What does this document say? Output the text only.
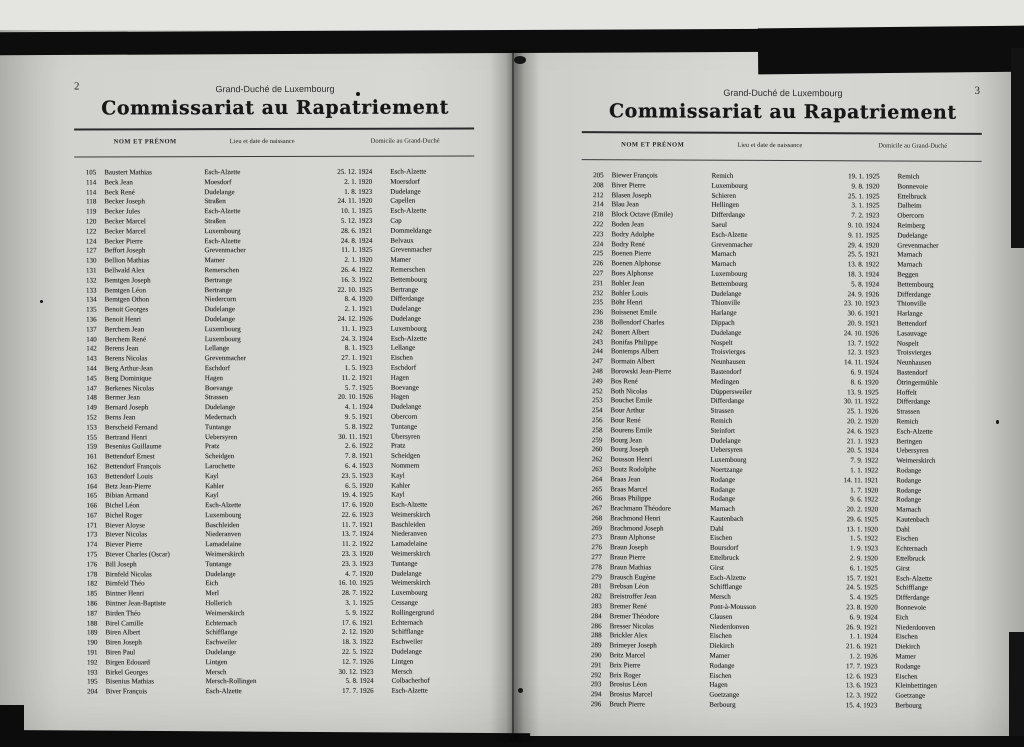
2	Grand-Duché de Luxembourg
Commissariat au Rapatriement
NOM ET PRÉNOM	Lieu et date de naissance	Domicile au Grand-Duché
105	Baustert Mathias	Esch-Alzette	25. 12. 1924	Esch-Alzette
114	Beck Jean	Moesdorf	2. 1. 1920	Moersdorf
114	Beck René	Dudelange	1. 8. 1923	Dudelange
118	Becker Joseph	Straßen	24. 11. 1920	Capellen
119	Becker Jules	Esch-Alzette	10. 1. 1925	Esch-Alzette
120	Becker Marcel	Straßen	5. 12. 1923	Cap
122	Becker Marcel	Luxembourg	28. 6. 1921	Dommeldange
124	Becker Pierre	Esch-Alzette	24. 8. 1924	Belvaux
127	Beffort Joseph	Grevenmacher	11. 1. 1925	Grevenmacher
130	Bellion Mathias	Mamer	2. 1. 1920	Mamer
131	Bellwald Alex	Remerschen	26. 4. 1922	Remerschen
132	Bemtgen Joseph	Bertrange	16. 3. 1922	Bettembourg
133	Bemtgen Léon	Bertrange	22. 10. 1925	Bertrange
134	Bemtgen Othon	Niedercorn	8. 4. 1920	Differdange
135	Benoit Georges	Dudelange	2. 1. 1921	Dudelange
136	Benoit Henri	Dudelange	24. 12. 1926	Dudelange
137	Berchem Jean	Luxembourg	11. 1. 1923	Luxembourg
140	Berchem René	Luxembourg	24. 3. 1924	Esch-Alzette
142	Berens Jean	Lellange	8. 1. 1923	Lellange
143	Berens Nicolas	Grevenmacher	27. 1. 1921	Eischen
144	Berg Arthur-Jean	Eschdorf	1. 5. 1923	Eschdorf
145	Berg Dominique	Hagen	11. 2. 1921	Hagen
147	Berkenes Nicolas	Boevange	5. 7. 1925	Boevange
148	Bermer Jean	Strassen	20. 10. 1926	Hagen
149	Bernard Joseph	Dudelange	4. 1. 1924	Dudelange
152	Berns Jean	Medernach	9. 5. 1921	Obercorn
153	Berscheid Fernand	Tuntange	5. 8. 1922	Tuntange
155	Bertrand Henri	Uebersyren	30. 11. 1921	Übersyren
159	Besenius Guillaume	Pratz	2. 6. 1922	Pratz
161	Bettendorf Ernest	Scheidgen	7. 8. 1921	Scheidgen
162	Bettendorf François	Larochette	6. 4. 1923	Nommern
163	Bettendorf Louis	Kayl	23. 5. 1923	Kayl
164	Betz Jean-Pierre	Kahler	6. 5. 1920	Kahler
165	Bibian Armand	Kayl	19. 4. 1925	Kayl
166	Bichel Léon	Esch-Alzette	17. 6. 1920	Esch-Alzette
167	Bichel Roger	Luxembourg	22. 6. 1923	Weimerskirch
171	Biever Aloyse	Baschleiden	11. 7. 1921	Baschleiden
173	Biever Nicolas	Niederanven	13. 7. 1924	Niederanven
174	Biever Pierre	Lamadelaine	11. 2. 1922	Lamadelaine
175	Biever Charles (Oscar)	Weimerskirch	23. 3. 1920	Weimerskirch
176	Bill Joseph	Tuntange	23. 3. 1923	Tuntange
178	Birnfeld Nicolas	Dudelange	4. 7. 1920	Dudelange
182	Birnfeld Théo	Eich	16. 10. 1925	Weimerskirch
185	Bintner Henri	Merl	28. 7. 1922	Luxembourg
186	Bintner Jean-Baptiste	Hollerich	3. 1. 1925	Cessange
187	Birden Théo	Weimerskirch	5. 9. 1922	Rollingergrund
188	Birel Camille	Echternach	17. 6. 1921	Echternach
189	Biren Albert	Schifflange	2. 12. 1920	Schifflange
190	Biren Joseph	Eschweiler	18. 3. 1922	Eschweiler
191	Biren Paul	Dudelange	22. 5. 1922	Dudelange
192	Birgen Edouard	Lintgen	12. 7. 1926	Lintgen
193	Birkel Georges	Mersch	30. 12. 1923	Mersch
195	Bisenius Mathias	Mersch-Rollingen	5. 8. 1924	Colbacherhof
204	Biver François	Esch-Alzette	17. 7. 1926	Esch-Alzette
3
Grand-Duché de Luxembourg
Commissariat au Rapatriement
NOM ET PRÉNOM	Lieu et date de naissance	Domicile au Grand-Duché
205	Biewer François	Remich	19. 1. 1925	Remich
208	Biver Pierre	Luxembourg	9. 8. 1920	Bonnevoie
212	Blasen Joseph	Schieren	25. 1. 1925	Ettelbruck
214	Blau Jean	Hellingen	3. 1. 1925	Dalheim
218	Block Octave (Emile)	Differdange	7. 2. 1923	Obercorn
222	Boden Jean	Saeul	9. 10. 1924	Reimberg
223	Bodry Adolphe	Esch-Alzette	9. 11. 1925	Dudelange
224	Bodry René	Grevenmacher	29. 4. 1920	Grevenmacher
225	Boenen Pierre	Marnach	25. 5. 1921	Marnach
226	Boenen Alphonse	Marnach	13. 8. 1922	Marnach
227	Boes Alphonse	Luxembourg	18. 3. 1924	Beggen
231	Bohler Jean	Bettembourg	5. 8. 1924	Bettembourg
232	Bohler Louis	Dudelange	24. 9. 1926	Differdange
235	Böhr Henri	Thionville	23. 10. 1923	Thionville
236	Boissenet Emile	Harlange	30. 6. 1921	Harlange
238	Bollendorf Charles	Dippach	20. 9. 1921	Bettendorf
242	Bonert Albert	Dudelange	24. 10. 1926	Lasauvage
243	Bonifas Philippe	Nospelt	13. 7. 1922	Nospelt
244	Bontemps Albert	Troisvierges	12. 3. 1923	Troisvierges
247	Bormain Albert	Neunhausen	14. 11. 1924	Neunhausen
248	Borowski Jean-Pierre	Bastendorf	6. 9. 1924	Bastendorf
249	Bos René	Medingen	8. 6. 1920	Ötringermühle
252	Both Nicolas	Düppersweiler	13. 9. 1925	Hoffelt
253	Bouchet Emile	Differdange	30. 11. 1922	Differdange
254	Bour Arthur	Strassen	25. 1. 1926	Strassen
256	Bour René	Remich	20. 2. 1920	Remich
258	Bourens Emile	Steinfort	24. 6. 1923	Esch-Alzette
259	Bourg Jean	Dudelange	21. 1. 1923	Beringen
260	Bourg Joseph	Uebersyren	20. 5. 1924	Uebersyren
262	Bousson Henri	Luxembourg	7. 9. 1922	Weimerskirch
263	Boutz Rodolphe	Noertzange	1. 1. 1922	Rodange
264	Braas Jean	Rodange	14. 11. 1921	Rodange
265	Braas Marcel	Rodange	1. 7. 1920	Rodange
266	Braas Philippe	Rodange	9. 6. 1922	Rodange
267	Brachmann Théodore	Marnach	20. 2. 1920	Marnach
268	Brachmond Henri	Kautenbach	29. 6. 1925	Kautenbach
269	Brachmond Joseph	Dahl	13. 1. 1920	Dahl
273	Braun Alphonse	Eischen	1. 5. 1922	Eischen
276	Braun Joseph	Boursdorf	1. 9. 1923	Echternach
277	Braun Pierre	Ettelbruck	2. 9. 1920	Ettelbruck
278	Braun Mathias	Girst	6. 1. 1925	Girst
279	Brausch Eugène	Esch-Alzette	15. 7. 1921	Esch-Alzette
281	Brebsan Léon	Schifflange	24. 5. 1925	Schifflange
282	Breistroffer Jean	Mersch	5. 4. 1925	Differdange
283	Bremer René	Pont-à-Mousson	23. 8. 1920	Bonnevoie
284	Bremer Théodore	Clausen	6. 9. 1924	Eich
286	Bresser Nicolas	Niederdonven	26. 9. 1921	Niederdonven
288	Brickler Alex	Eischen	1. 1. 1924	Eischen
289	Brimeyer Joseph	Diekirch	21. 6. 1921	Diekirch
290	Britz Marcel	Mamer	1. 2. 1926	Mamer
291	Brix Pierre	Rodange	17. 7. 1923	Rodange
292	Brix Roger	Eischen	12. 6. 1923	Eischen
293	Brosius Léon	Hagen	13. 6. 1923	Kleinbettingen
294	Brosius Marcel	Goetzange	12. 3. 1922	Goetzange
296	Bruch Pierre	Berbourg	15. 4. 1923	Berbourg
